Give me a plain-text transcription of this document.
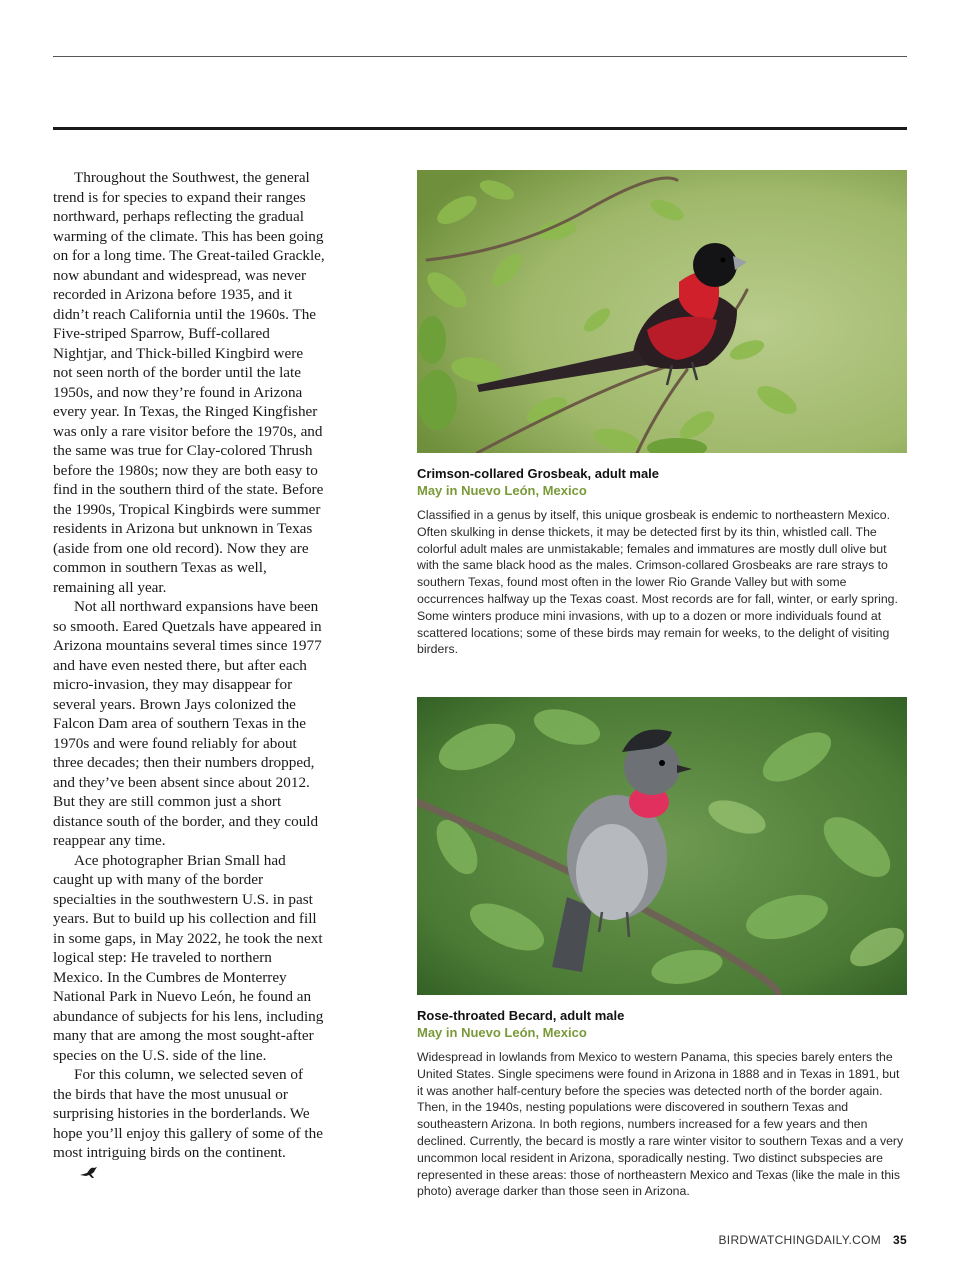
Throughout the Southwest, the general trend is for species to expand their ranges northward, perhaps reflecting the gradual warming of the climate. This has been going on for a long time. The Great-tailed Grackle, now abundant and widespread, was never recorded in Arizona before 1935, and it didn’t reach California until the 1960s. The Five-striped Sparrow, Buff-collared Nightjar, and Thick-billed Kingbird were not seen north of the border until the late 1950s, and now they’re found in Arizona every year. In Texas, the Ringed Kingfisher was only a rare visitor before the 1970s, and the same was true for Clay-colored Thrush before the 1980s; now they are both easy to find in the southern third of the state. Before the 1990s, Tropical Kingbirds were summer residents in Arizona but unknown in Texas (aside from one old record). Now they are common in southern Texas as well, remaining all year.

Not all northward expansions have been so smooth. Eared Quetzals have appeared in Arizona mountains several times since 1977 and have even nested there, but after each micro-invasion, they may disappear for several years. Brown Jays colonized the Falcon Dam area of southern Texas in the 1970s and were found reliably for about three decades; then their numbers dropped, and they’ve been absent since about 2012. But they are still common just a short distance south of the border, and they could reappear any time.

Ace photographer Brian Small had caught up with many of the border specialties in the southwestern U.S. in past years. But to build up his collection and fill in some gaps, in May 2022, he took the next logical step: He traveled to northern Mexico. In the Cumbres de Monterrey National Park in Nuevo León, he found an abundance of subjects for his lens, including many that are among the most sought-after species on the U.S. side of the line.

For this column, we selected seven of the birds that have the most unusual or surprising histories in the borderlands. We hope you’ll enjoy this gallery of some of the most intriguing birds on the continent.

Crimson-collared Grosbeak, adult male
May in Nuevo León, Mexico
Classified in a genus by itself, this unique grosbeak is endemic to northeastern Mexico. Often skulking in dense thickets, it may be detected first by its thin, whistled call. The colorful adult males are unmistakable; females and immatures are mostly dull olive but with the same black hood as the males. Crimson-collared Grosbeaks are rare strays to southern Texas, found most often in the lower Rio Grande Valley but with some occurrences halfway up the Texas coast. Most records are for fall, winter, or early spring. Some winters produce mini invasions, with up to a dozen or more individuals found at scattered locations; some of these birds may remain for weeks, to the delight of visiting birders.
Rose-throated Becard, adult male
May in Nuevo León, Mexico
Widespread in lowlands from Mexico to western Panama, this species barely enters the United States. Single specimens were found in Arizona in 1888 and in Texas in 1891, but it was another half-century before the species was detected north of the border again. Then, in the 1940s, nesting populations were discovered in southern Texas and southeastern Arizona. In both regions, numbers increased for a few years and then declined. Currently, the becard is mostly a rare winter visitor to southern Texas and a very uncommon local resident in Arizona, sporadically nesting. Two distinct subspecies are represented in these areas: those of northeastern Mexico and Texas (like the male in this photo) average darker than those seen in Arizona.
BIRDWATCHINGDAILY.COM 35
